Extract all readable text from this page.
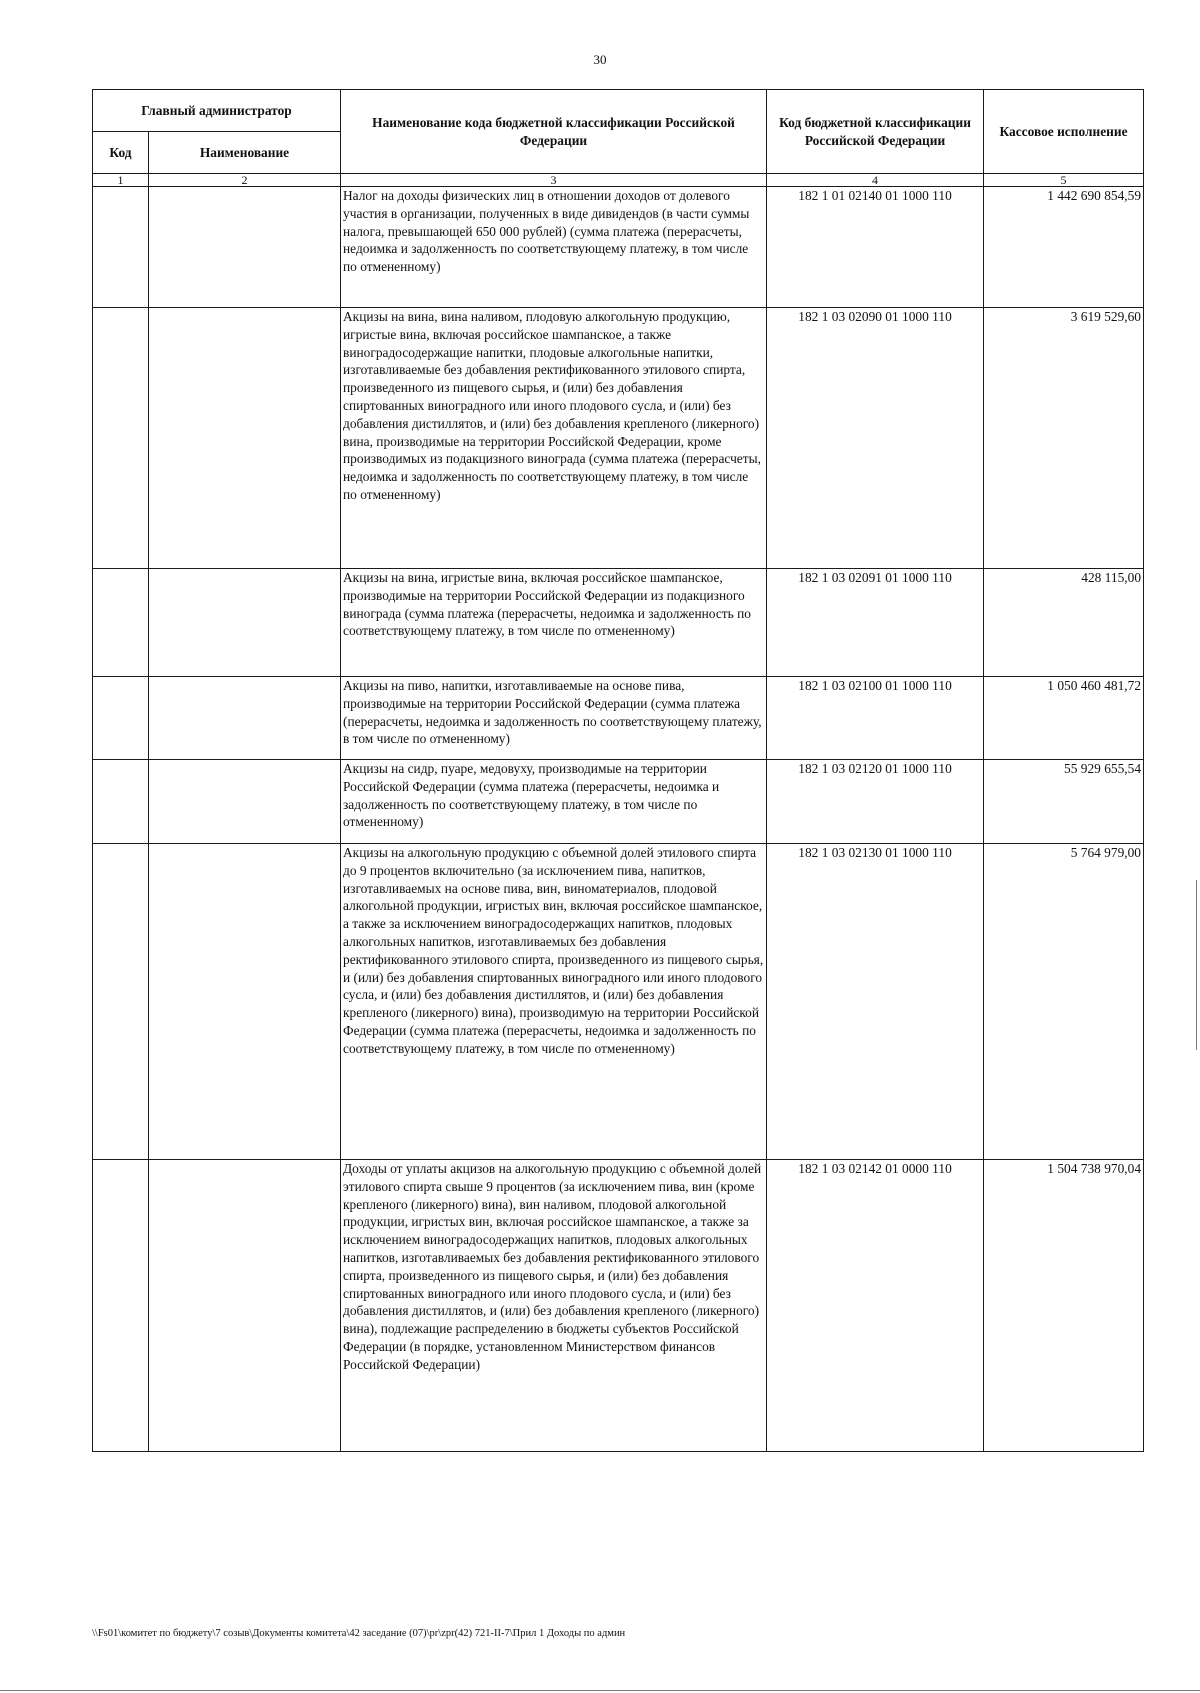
30
Главный администратор		Наименование кода бюджетной классификации Российской Федерации	Код бюджетной классификации Российской Федерации	Кассовое исполнение
Код	Наименование			
1	2	3	4	5
		Налог на доходы физических лиц в отношении доходов от долевого участия в организации, полученных в виде дивидендов (в части суммы налога, превышающей 650 000 рублей) (сумма платежа (перерасчеты, недоимка и задолженность по соответствующему платежу, в том числе по отмененному)	182 1 01 02140 01 1000 110	1 442 690 854,59
		Акцизы на вина, вина наливом, плодовую алкогольную продукцию, игристые вина, включая российское шампанское, а также виноградосодержащие напитки, плодовые алкогольные напитки, изготавливаемые без добавления ректификованного этилового спирта, произведенного из пищевого сырья, и (или) без добавления спиртованных виноградного или иного плодового сусла, и (или) без добавления дистиллятов, и (или) без добавления крепленого (ликерного) вина, производимые на территории Российской Федерации, кроме производимых из подакцизного винограда (сумма платежа (перерасчеты, недоимка и задолженность по соответствующему платежу, в том числе по отмененному)	182 1 03 02090 01 1000 110	3 619 529,60
		Акцизы на вина, игристые вина, включая российское шампанское, производимые на территории Российской Федерации из подакцизного винограда (сумма платежа (перерасчеты, недоимка и задолженность по соответствующему платежу, в том числе по отмененному)	182 1 03 02091 01 1000 110	428 115,00
		Акцизы на пиво, напитки, изготавливаемые на основе пива, производимые на территории Российской Федерации (сумма платежа (перерасчеты, недоимка и задолженность по соответствующему платежу, в том числе по отмененному)	182 1 03 02100 01 1000 110	1 050 460 481,72
		Акцизы на сидр, пуаре, медовуху, производимые на территории Российской Федерации (сумма платежа (перерасчеты, недоимка и задолженность по соответствующему платежу, в том числе по отмененному)	182 1 03 02120 01 1000 110	55 929 655,54
		Акцизы на алкогольную продукцию с объемной долей этилового спирта до 9 процентов включительно (за исключением пива, напитков, изготавливаемых на основе пива, вин, виноматериалов, плодовой алкогольной продукции, игристых вин, включая российское шампанское, а также за исключением виноградосодержащих напитков, плодовых алкогольных напитков, изготавливаемых без добавления ректификованного этилового спирта, произведенного из пищевого сырья, и (или) без добавления спиртованных виноградного или иного плодового сусла, и (или) без добавления дистиллятов, и (или) без добавления крепленого (ликерного) вина), производимую на территории Российской Федерации (сумма платежа (перерасчеты, недоимка и задолженность по соответствующему платежу, в том числе по отмененному)	182 1 03 02130 01 1000 110	5 764 979,00
		Доходы от уплаты акцизов на алкогольную продукцию с объемной долей этилового спирта свыше 9 процентов (за исключением пива, вин (кроме крепленого (ликерного) вина), вин наливом, плодовой алкогольной продукции, игристых вин, включая российское шампанское, а также за исключением виноградосодержащих напитков, плодовых алкогольных напитков, изготавливаемых без добавления ректификованного этилового спирта, произведенного из пищевого сырья, и (или) без добавления спиртованных виноградного или иного плодового сусла, и (или) без добавления дистиллятов, и (или) без добавления крепленого (ликерного) вина), подлежащие распределению в бюджеты субъектов Российской Федерации (в порядке, установленном Министерством финансов Российской Федерации)	182 1 03 02142 01 0000 110	1 504 738 970,04
\\Fs01\комитет по бюджету\7 созыв\Документы комитета\42 заседание (07)\pr\zpr(42) 721-II-7\Прил 1 Доходы по админ
